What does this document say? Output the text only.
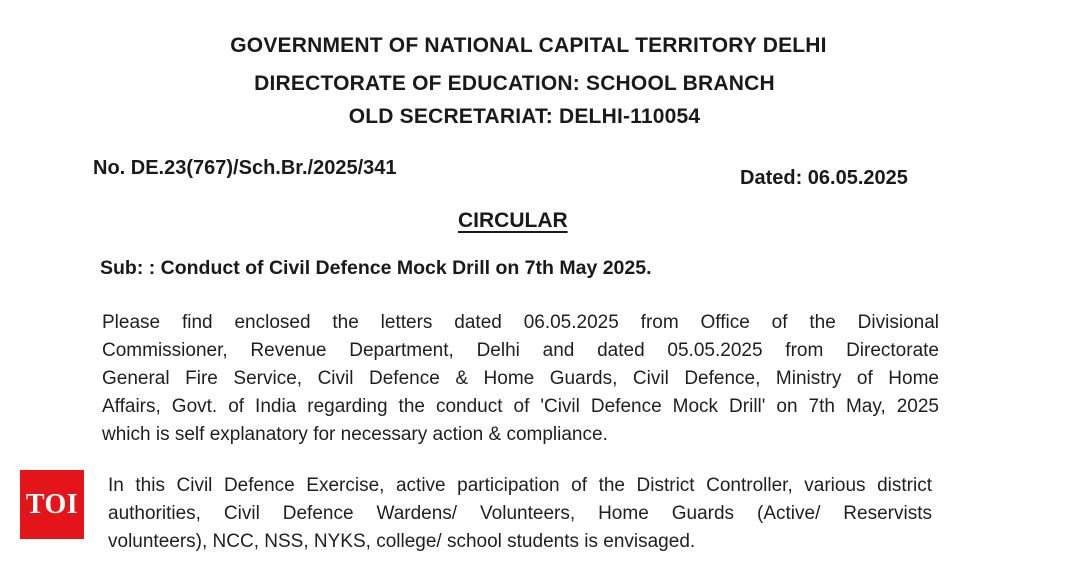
GOVERNMENT OF NATIONAL CAPITAL TERRITORY DELHI
DIRECTORATE OF EDUCATION: SCHOOL BRANCH
OLD SECRETARIAT: DELHI-110054
No. DE.23(767)/Sch.Br./2025/341	Dated: 06.05.2025
CIRCULAR
Sub: : Conduct of Civil Defence Mock Drill on 7th May 2025.
Please find enclosed the letters dated 06.05.2025 from Office of the Divisional
Commissioner, Revenue Department, Delhi and dated 05.05.2025 from Directorate
General Fire Service, Civil Defence & Home Guards, Civil Defence, Ministry of Home
Affairs, Govt. of India regarding the conduct of 'Civil Defence Mock Drill' on 7th May, 2025
which is self explanatory for necessary action & compliance.
In this Civil Defence Exercise, active participation of the District Controller, various district
authorities, Civil Defence Wardens/ Volunteers, Home Guards (Active/ Reservists
volunteers), NCC, NSS, NYKS, college/ school students is envisaged.
TOI
